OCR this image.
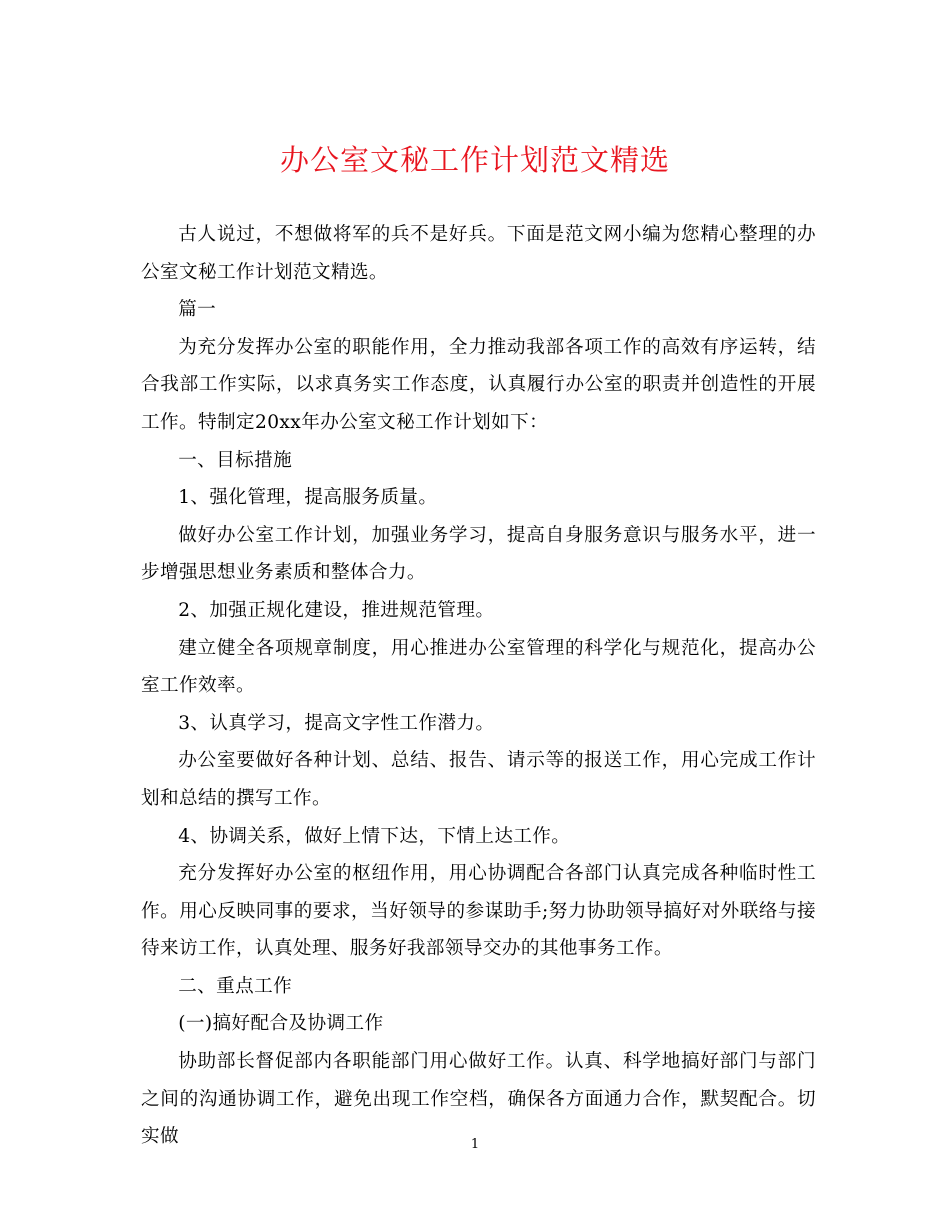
办公室文秘工作计划范文精选

古人说过，不想做将军的兵不是好兵。下面是范文网小编为您精心整理的办公室文秘工作计划范文精选。

篇一

为充分发挥办公室的职能作用，全力推动我部各项工作的高效有序运转，结合我部工作实际，以求真务实工作态度，认真履行办公室的职责并创造性的开展工作。特制定20xx年办公室文秘工作计划如下：

一、目标措施

1、强化管理，提高服务质量。

做好办公室工作计划，加强业务学习，提高自身服务意识与服务水平，进一步增强思想业务素质和整体合力。

2、加强正规化建设，推进规范管理。

建立健全各项规章制度，用心推进办公室管理的科学化与规范化，提高办公室工作效率。

3、认真学习，提高文字性工作潜力。

办公室要做好各种计划、总结、报告、请示等的报送工作，用心完成工作计划和总结的撰写工作。

4、协调关系，做好上情下达，下情上达工作。

充分发挥好办公室的枢纽作用，用心协调配合各部门认真完成各种临时性工作。用心反映同事的要求，当好领导的参谋助手;努力协助领导搞好对外联络与接待来访工作，认真处理、服务好我部领导交办的其他事务工作。

二、重点工作

(一)搞好配合及协调工作

协助部长督促部内各职能部门用心做好工作。认真、科学地搞好部门与部门之间的沟通协调工作，避免出现工作空档，确保各方面通力合作，默契配合。切实做	1
